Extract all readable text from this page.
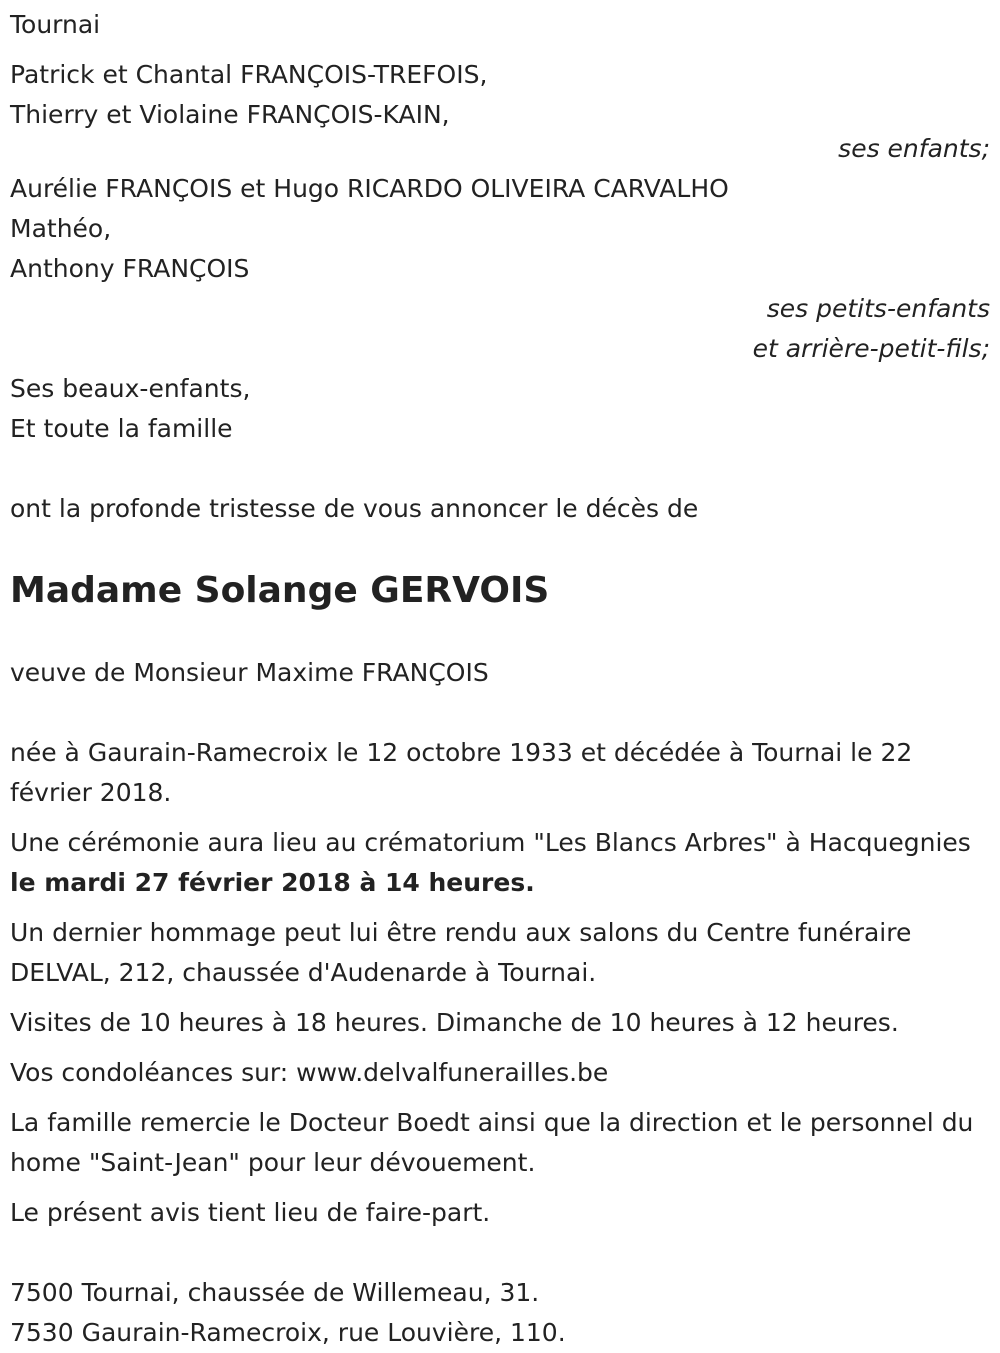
Tournai
Patrick et Chantal FRANÇOIS-TREFOIS,
Thierry et Violaine FRANÇOIS-KAIN,
ses enfants;
Aurélie FRANÇOIS et Hugo RICARDO OLIVEIRA CARVALHO
Mathéo,
Anthony FRANÇOIS
ses petits-enfants
et arrière-petit-fils;
Ses beaux-enfants,
Et toute la famille
ont la profonde tristesse de vous annoncer le décès de
Madame Solange GERVOIS
veuve de Monsieur Maxime FRANÇOIS
née à Gaurain-Ramecroix le 12 octobre 1933 et décédée à Tournai le 22 février 2018.

Une cérémonie aura lieu au crématorium "Les Blancs Arbres" à Hacquegnies le mardi 27 février 2018 à 14 heures.

Un dernier hommage peut lui être rendu aux salons du Centre funéraire DELVAL, 212, chaussée d'Audenarde à Tournai.
Visites de 10 heures à 18 heures. Dimanche de 10 heures à 12 heures.
Vos condoléances sur: www.delvalfunerailles.be
La famille remercie le Docteur Boedt ainsi que la direction et le personnel du home "Saint-Jean" pour leur dévouement.
Le présent avis tient lieu de faire-part.
7500 Tournai, chaussée de Willemeau, 31.
7530 Gaurain-Ramecroix, rue Louvière, 110.
